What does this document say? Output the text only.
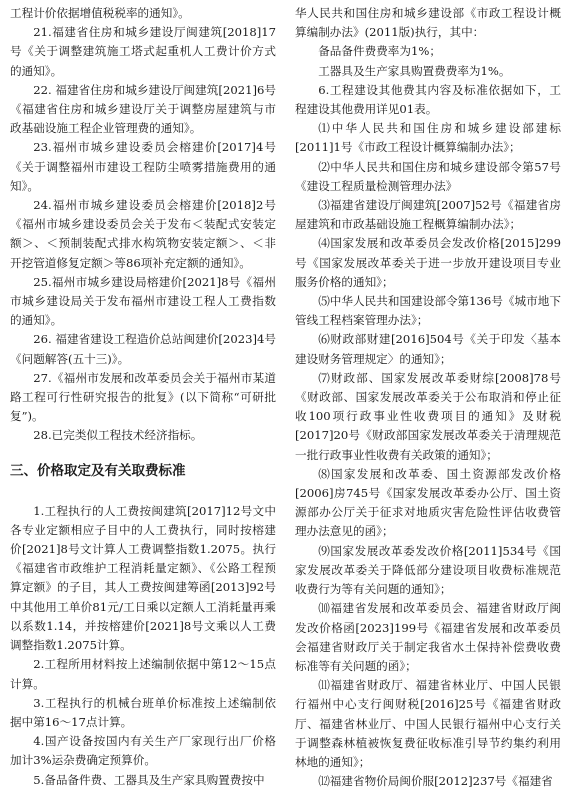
工程计价依据增值税税率的通知》。

21.福建省住房和城乡建设厅闽建筑[2018]17号《关于调整建筑施工塔式起重机人工费计价方式的通知》。

22. 福建省住房和城乡建设厅闽建筑[2021]6号《福建省住房和城乡建设厅关于调整房屋建筑与市政基础设施工程企业管理费的通知》。

23.福州市城乡建设委员会榕建价[2017]4号《关于调整福州市建设工程防尘喷雾措施费用的通知》。

24.福州市城乡建设委员会榕建价[2018]2号《福州市城乡建设委员会关于发布＜装配式安装定额＞、＜预制装配式排水构筑物安装定额＞、＜非开挖管道修复定额＞等86项补充定额的通知》。

25.福州市城乡建设局榕建价[2021]8号《福州市城乡建设局关于发布福州市建设工程人工费指数的通知》。

26. 福建省建设工程造价总站闽建价[2023]4号《问题解答(五十三)》。

27.《福州市发展和改革委员会关于福州市某道路工程可行性研究报告的批复》(以下简称“可研批复”)。

28.已完类似工程技术经济指标。

三、价格取定及有关取费标准

1.工程执行的人工费按闽建筑[2017]12号文中各专业定额相应子目中的人工费执行，同时按榕建价[2021]8号文计算人工费调整指数1.2075。执行《福建省市政维护工程消耗量定额》、《公路工程预算定额》的子目，其人工费按闽建筹函[2013]92号中其他用工单价81元/工日乘以定额人工消耗量再乘以系数1.14，并按榕建价[2021]8号文乘以人工费调整指数1.2075计算。

2.工程所用材料按上述编制依据中第12～15点计算。

3.工程执行的机械台班单价标准按上述编制依据中第16～17点计算。

4.国产设备按国内有关生产厂家现行出厂价格加计3%运杂费确定预算价。

5.备品备件费、工器具及生产家具购置费按中

华人民共和国住房和城乡建设部《市政工程设计概算编制办法》(2011版)执行，其中：

备品备件费费率为1%；

工器具及生产家具购置费费率为1%。

6.工程建设其他费其内容及标准依据如下，工程建设其他费用详见01表。

⑴中华人民共和国住房和城乡建设部建标[2011]1号《市政工程设计概算编制办法》；

⑵中华人民共和国住房和城乡建设部令第57号《建设工程质量检测管理办法》

⑶福建省建设厅闽建筑[2007]52号《福建省房屋建筑和市政基础设施工程概算编制办法》；

⑷国家发展和改革委员会发改价格[2015]299号《国家发展改革委关于进一步放开建设项目专业服务价格的通知》；

⑸中华人民共和国建设部令第136号《城市地下管线工程档案管理办法》；

⑹财政部财建[2016]504号《关于印发〈基本建设财务管理规定〉的通知》；

⑺财政部、国家发展改革委财综[2008]78号《财政部、国家发展改革委关于公布取消和停止征收100项行政事业性收费项目的通知》及财税[2017]20号《财政部国家发展改革委关于清理规范一批行政事业性收费有关政策的通知》；

⑻国家发展和改革委、国土资源部发改价格[2006]房745号《国家发展改革委办公厅、国土资源部办公厅关于征求对地质灾害危险性评估收费管理办法意见的函》；

⑼国家发展改革委发改价格[2011]534号《国家发展改革委关于降低部分建设项目收费标准规范收费行为等有关问题的通知》；

⑽福建省发展和改革委员会、福建省财政厅闽发改价格函[2023]199号《福建省发展和改革委员会福建省财政厅关于制定我省水土保持补偿费收费标准等有关问题的函》；

⑾福建省财政厅、福建省林业厅、中国人民银行福州中心支行闽财税[2016]25号《福建省财政厅、福建省林业厅、中国人民银行福州中心支行关于调整森林植被恢复费征收标准引导节约集约利用林地的通知》；

⑿福建省物价局闽价服[2012]237号《福建省
